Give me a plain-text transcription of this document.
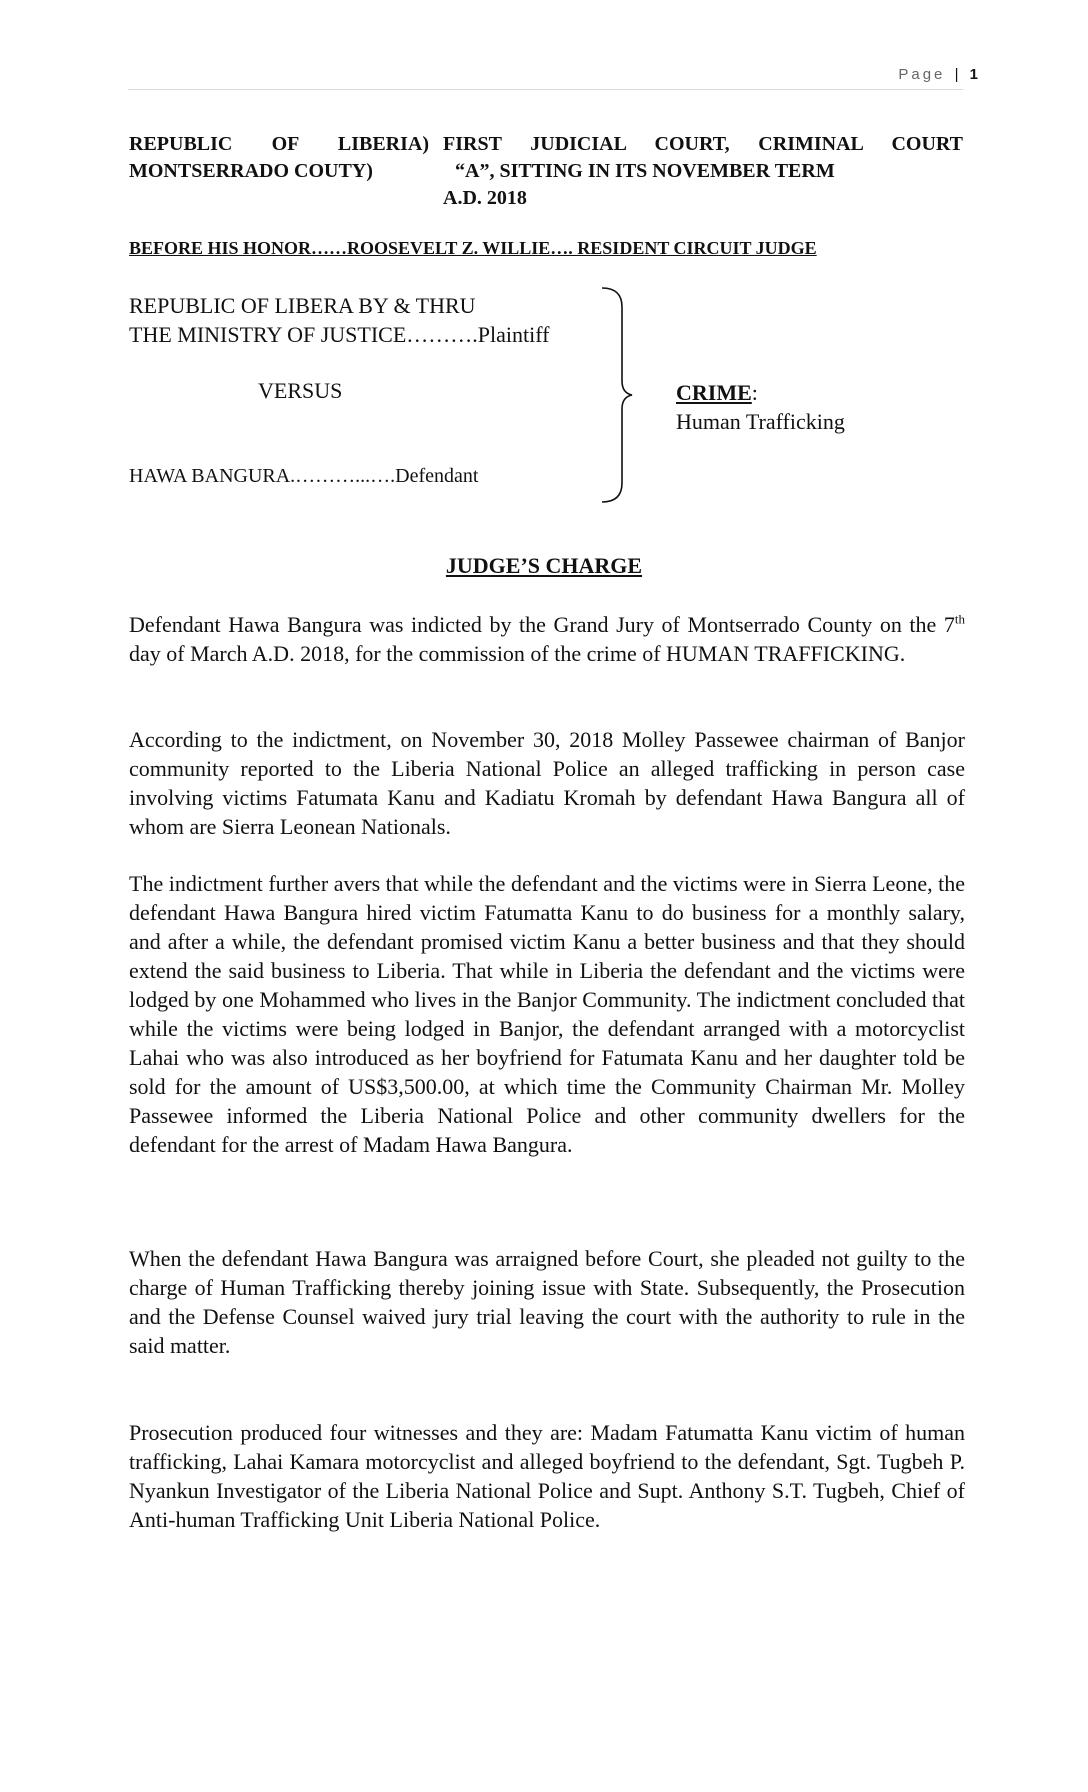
Page | 1
REPUBLIC OF LIBERIA) FIRST JUDICIAL COURT, CRIMINAL COURT
MONTSERRADO COUTY)	“A”, SITTING IN ITS NOVEMBER TERM
A.D. 2018
BEFORE HIS HONOR……ROOSEVELT Z. WILLIE…. RESIDENT CIRCUIT JUDGE
REPUBLIC OF LIBERA BY & THRU
THE MINISTRY OF JUSTICE……….Plaintiff
VERSUS
HAWA BANGURA.………...….Defendant
CRIME:
Human Trafficking
JUDGE’S CHARGE

Defendant Hawa Bangura was indicted by the Grand Jury of Montserrado County on the 7th day of March A.D. 2018, for the commission of the crime of HUMAN TRAFFICKING.

According to the indictment, on November 30, 2018 Molley Passewee chairman of Banjor community reported to the Liberia National Police an alleged trafficking in person case involving victims Fatumata Kanu and Kadiatu Kromah by defendant Hawa Bangura all of whom are Sierra Leonean Nationals.

The indictment further avers that while the defendant and the victims were in Sierra Leone, the defendant Hawa Bangura hired victim Fatumatta Kanu to do business for a monthly salary, and after a while, the defendant promised victim Kanu a better business and that they should extend the said business to Liberia. That while in Liberia the defendant and the victims were lodged by one Mohammed who lives in the Banjor Community. The indictment concluded that while the victims were being lodged in Banjor, the defendant arranged with a motorcyclist Lahai who was also introduced as her boyfriend for Fatumata Kanu and her daughter told be sold for the amount of US$3,500.00, at which time the Community Chairman Mr. Molley Passewee informed the Liberia National Police and other community dwellers for the defendant for the arrest of Madam Hawa Bangura.

When the defendant Hawa Bangura was arraigned before Court, she pleaded not guilty to the charge of Human Trafficking thereby joining issue with State. Subsequently, the Prosecution and the Defense Counsel waived jury trial leaving the court with the authority to rule in the said matter.

Prosecution produced four witnesses and they are: Madam Fatumatta Kanu victim of human trafficking, Lahai Kamara motorcyclist and alleged boyfriend to the defendant, Sgt. Tugbeh P. Nyankun Investigator of the Liberia National Police and Supt. Anthony S.T. Tugbeh, Chief of Anti-human Trafficking Unit Liberia National Police.
